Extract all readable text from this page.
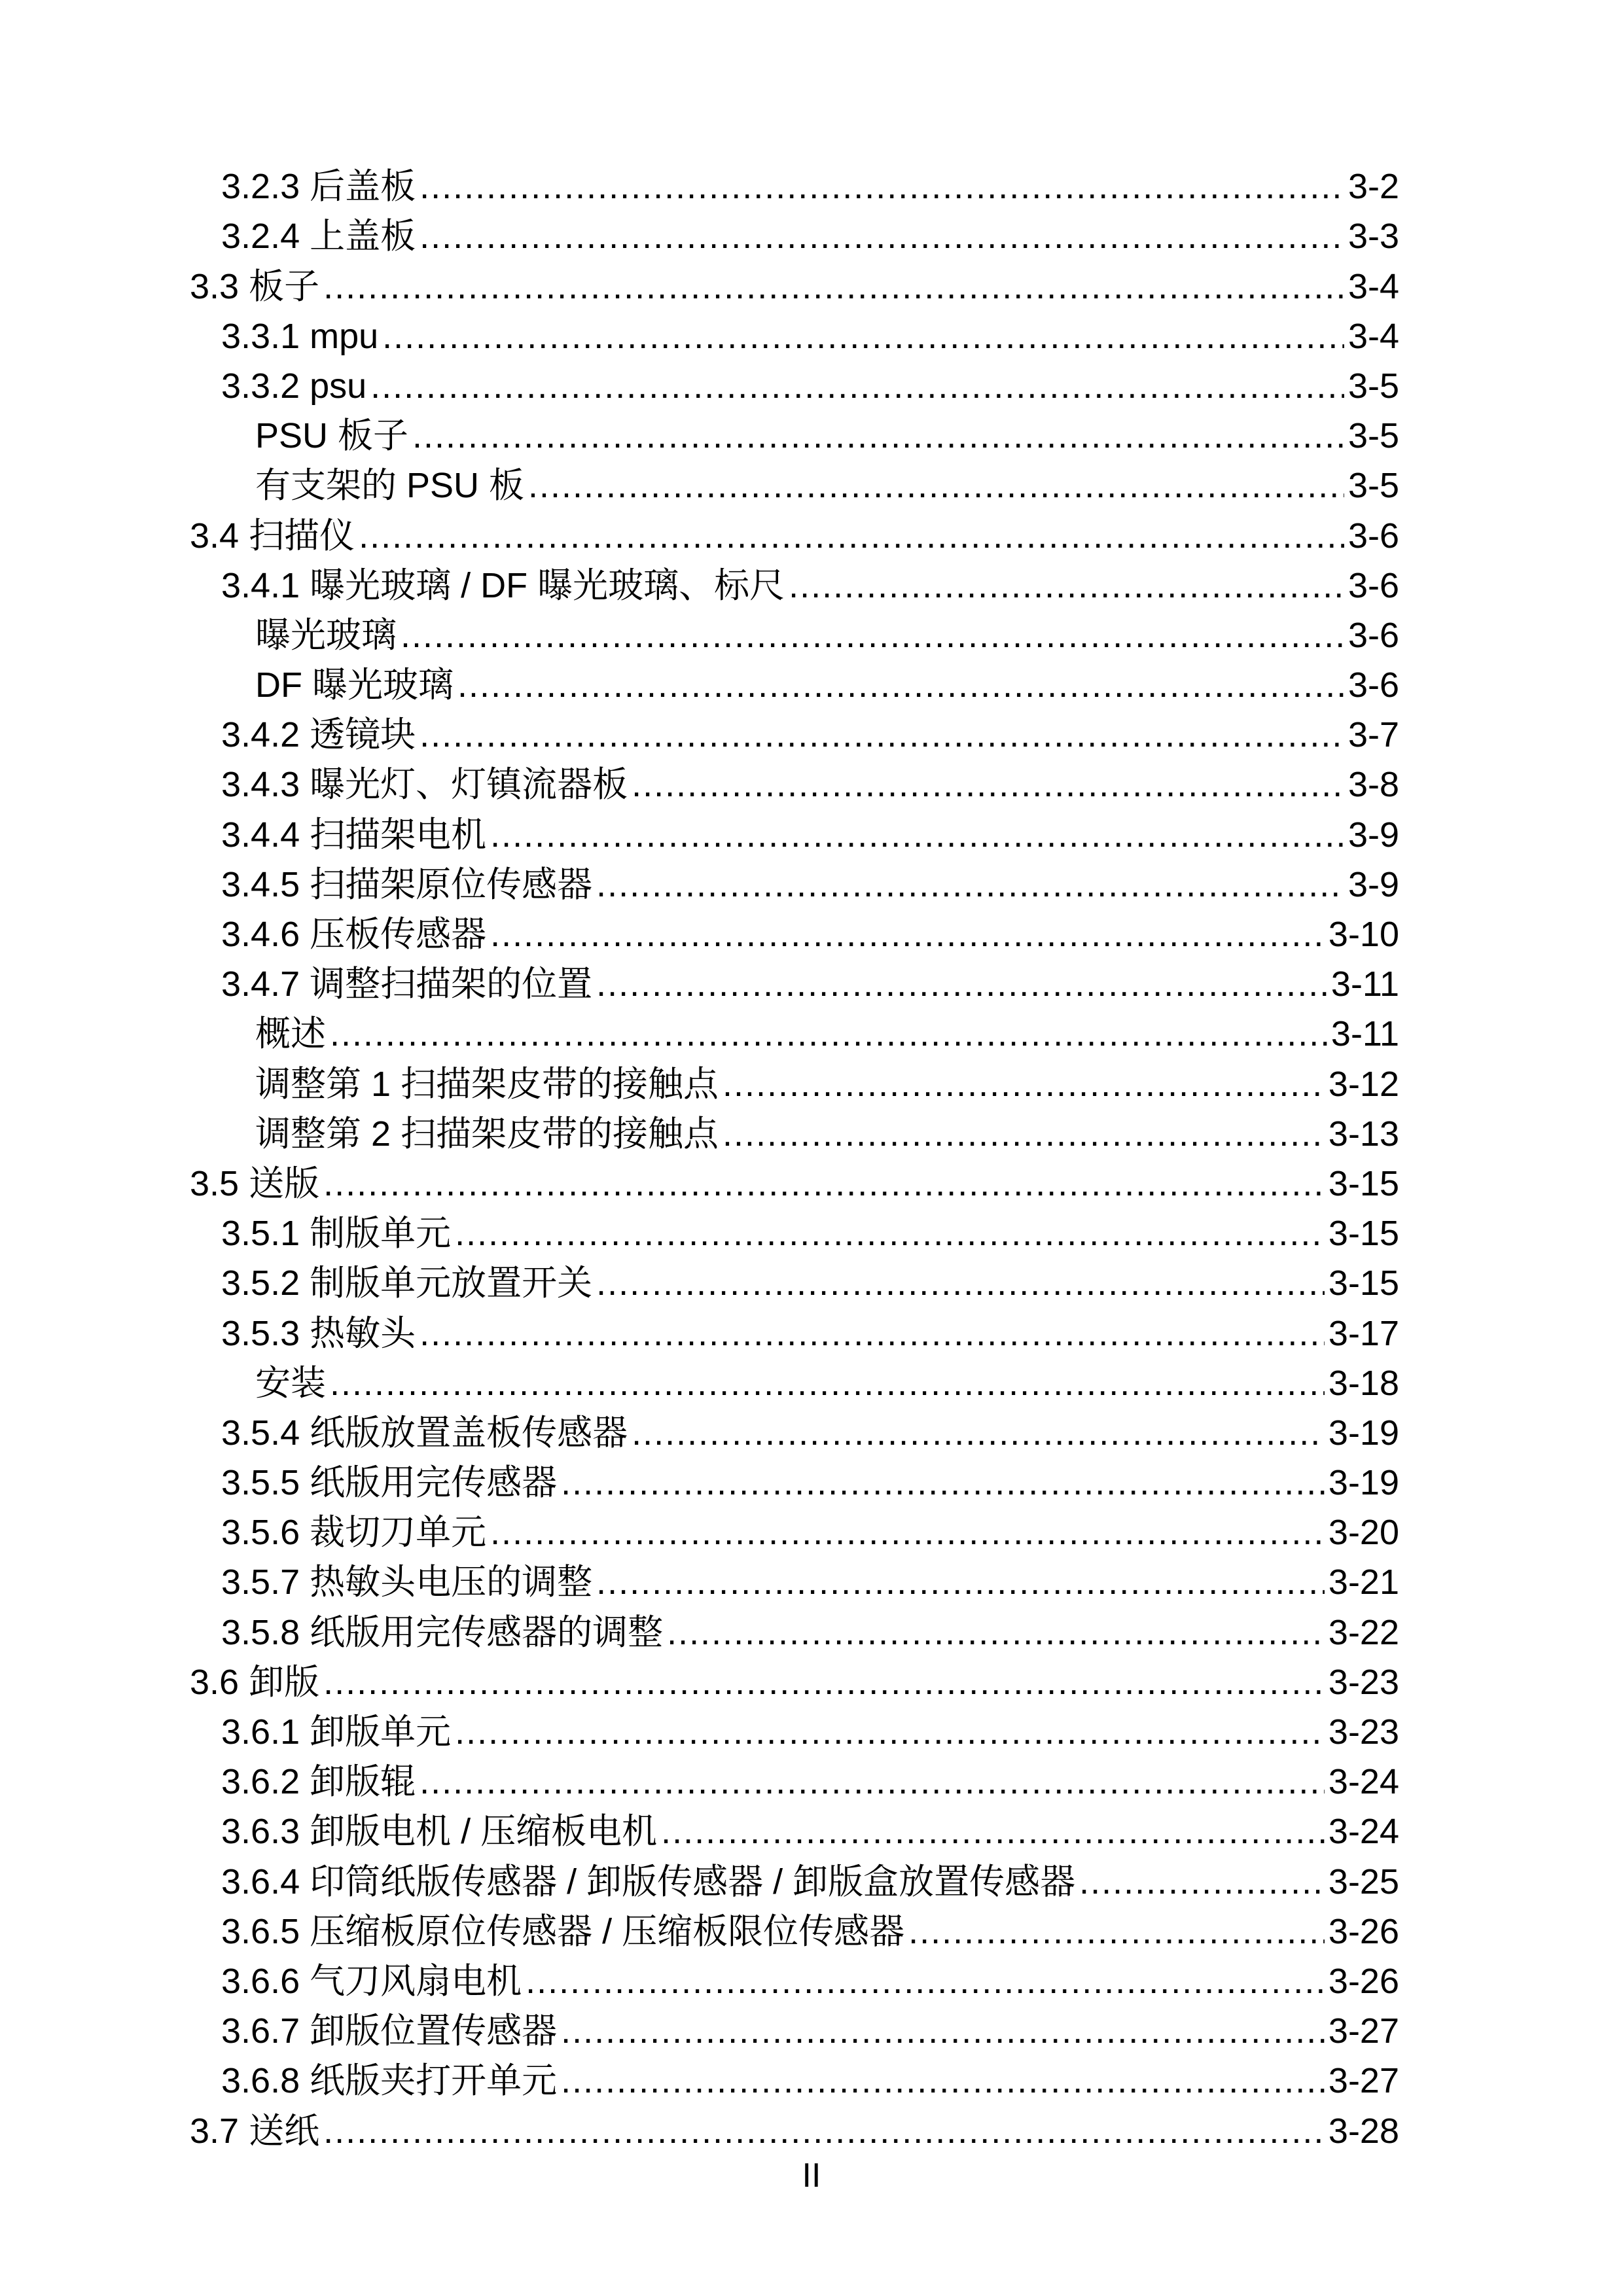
3.2.3 后盖板 .....	3-2
3.2.4 上盖板 .....	3-3
3.3 板子 .....	3-4
3.3.1 mpu .....	3-4
3.3.2 psu .....	3-5
PSU 板子 .....	3-5
有支架的 PSU 板 .....	3-5
3.4 扫描仪 .....	3-6
3.4.1 曝光玻璃 / DF 曝光玻璃、标尺 .....	3-6
曝光玻璃 .....	3-6
DF 曝光玻璃 .....	3-6
3.4.2 透镜块 .....	3-7
3.4.3 曝光灯、灯镇流器板 .....	3-8
3.4.4 扫描架电机 .....	3-9
3.4.5 扫描架原位传感器 .....	3-9
3.4.6 压板传感器 .....	3-10
3.4.7 调整扫描架的位置 .....	3-11
概述 .....	3-11
调整第 1 扫描架皮带的接触点 .....	3-12
调整第 2 扫描架皮带的接触点 .....	3-13
3.5 送版 .....	3-15
3.5.1 制版单元 .....	3-15
3.5.2 制版单元放置开关 .....	3-15
3.5.3 热敏头 .....	3-17
安装 .....	3-18
3.5.4 纸版放置盖板传感器 .....	3-19
3.5.5 纸版用完传感器 .....	3-19
3.5.6 裁切刀单元 .....	3-20
3.5.7 热敏头电压的调整 .....	3-21
3.5.8 纸版用完传感器的调整 .....	3-22
3.6 卸版 .....	3-23
3.6.1 卸版单元 .....	3-23
3.6.2 卸版辊 .....	3-24
3.6.3 卸版电机 / 压缩板电机 .....	3-24
3.6.4 印筒纸版传感器 / 卸版传感器 / 卸版盒放置传感器 .....	3-25
3.6.5 压缩板原位传感器 / 压缩板限位传感器 .....	3-26
3.6.6 气刀风扇电机 .....	3-26
3.6.7 卸版位置传感器 .....	3-27
3.6.8 纸版夹打开单元 .....	3-27
3.7 送纸 .....	3-28
II
